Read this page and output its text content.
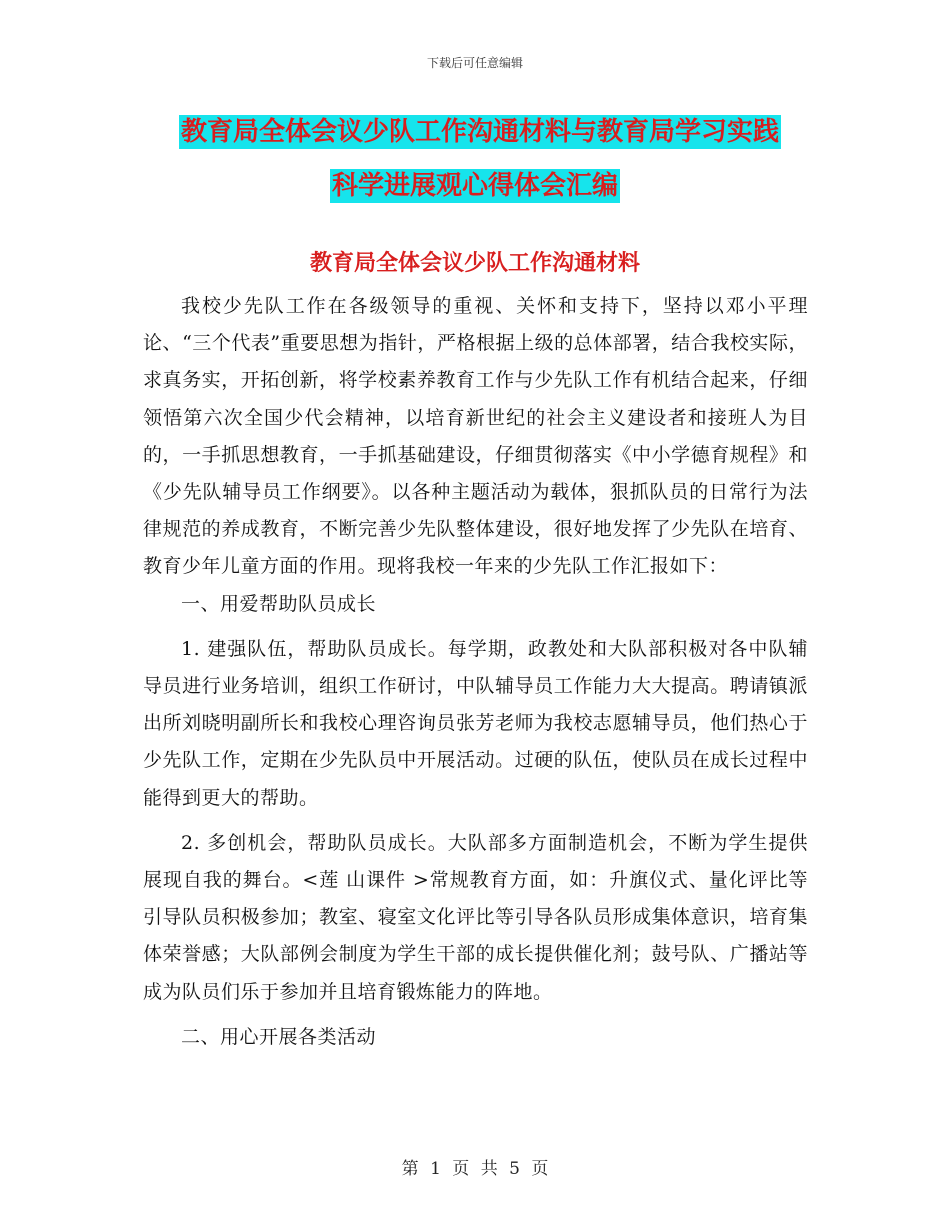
下载后可任意编辑
教育局全体会议少队工作沟通材料与教育局学习实践
科学进展观心得体会汇编
教育局全体会议少队工作沟通材料

我校少先队工作在各级领导的重视、关怀和支持下，坚持以邓小平理论、“三个代表”重要思想为指针，严格根据上级的总体部署，结合我校实际，求真务实，开拓创新，将学校素养教育工作与少先队工作有机结合起来，仔细领悟第六次全国少代会精神，以培育新世纪的社会主义建设者和接班人为目的，一手抓思想教育，一手抓基础建设，仔细贯彻落实《中小学德育规程》和《少先队辅导员工作纲要》。以各种主题活动为载体，狠抓队员的日常行为法律规范的养成教育，不断完善少先队整体建设，很好地发挥了少先队在培育、教育少年儿童方面的作用。现将我校一年来的少先队工作汇报如下：

一、用爱帮助队员成长

1. 建强队伍，帮助队员成长。每学期，政教处和大队部积极对各中队辅导员进行业务培训，组织工作研讨，中队辅导员工作能力大大提高。聘请镇派出所刘晓明副所长和我校心理咨询员张芳老师为我校志愿辅导员，他们热心于少先队工作，定期在少先队员中开展活动。过硬的队伍，使队员在成长过程中能得到更大的帮助。

2. 多创机会，帮助队员成长。大队部多方面制造机会，不断为学生提供展现自我的舞台。<莲 山课件 >常规教育方面，如：升旗仪式、量化评比等引导队员积极参加；教室、寝室文化评比等引导各队员形成集体意识，培育集体荣誉感；大队部例会制度为学生干部的成长提供催化剂；鼓号队、广播站等成为队员们乐于参加并且培育锻炼能力的阵地。

二、用心开展各类活动

第 1 页 共 5 页
